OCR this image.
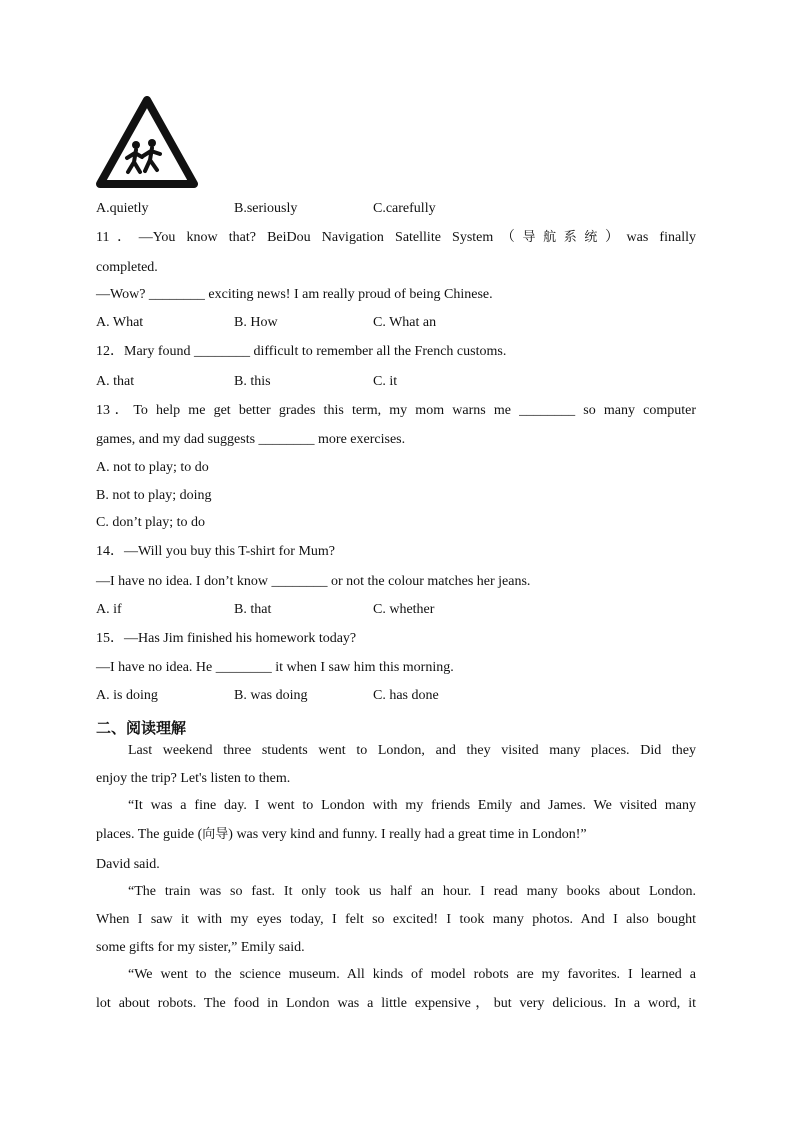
A.quietly	B.seriously	C.carefully
11．—You know that? BeiDou Navigation Satellite System（导航系统）was finally
completed.
—Wow? ________ exciting news! I am really proud of being Chinese.
A. What	B. How	C. What an
12．Mary found ________ difficult to remember all the French customs.
A. that	B. this	C. it
13．To help me get better grades this term, my mom warns me ________ so many computer
games, and my dad suggests ________ more exercises.
A. not to play; to do
B. not to play; doing
C. don’t play; to do
14．—Will you buy this T-shirt for Mum?
—I have no idea. I don’t know ________ or not the colour matches her jeans.
A. if	B. that	C. whether
15．—Has Jim finished his homework today?
—I have no idea. He ________ it when I saw him this morning.
A. is doing	B. was doing	C. has done
二、阅读理解
Last weekend three students went to London, and they visited many places. Did they
enjoy the trip? Let's listen to them.
“It was a fine day. I went to London with my friends Emily and James. We visited many
places. The guide (向导) was very kind and funny. I really had a great time in London!”
David said.
“The train was so fast. It only took us half an hour. I read many books about London.
When I saw it with my eyes today, I felt so excited! I took many photos. And I also bought
some gifts for my sister,” Emily said.
“We went to the science museum. All kinds of model robots are my favorites. I learned a
lot about robots. The food in London was a little expensive，but very delicious. In a word, it
